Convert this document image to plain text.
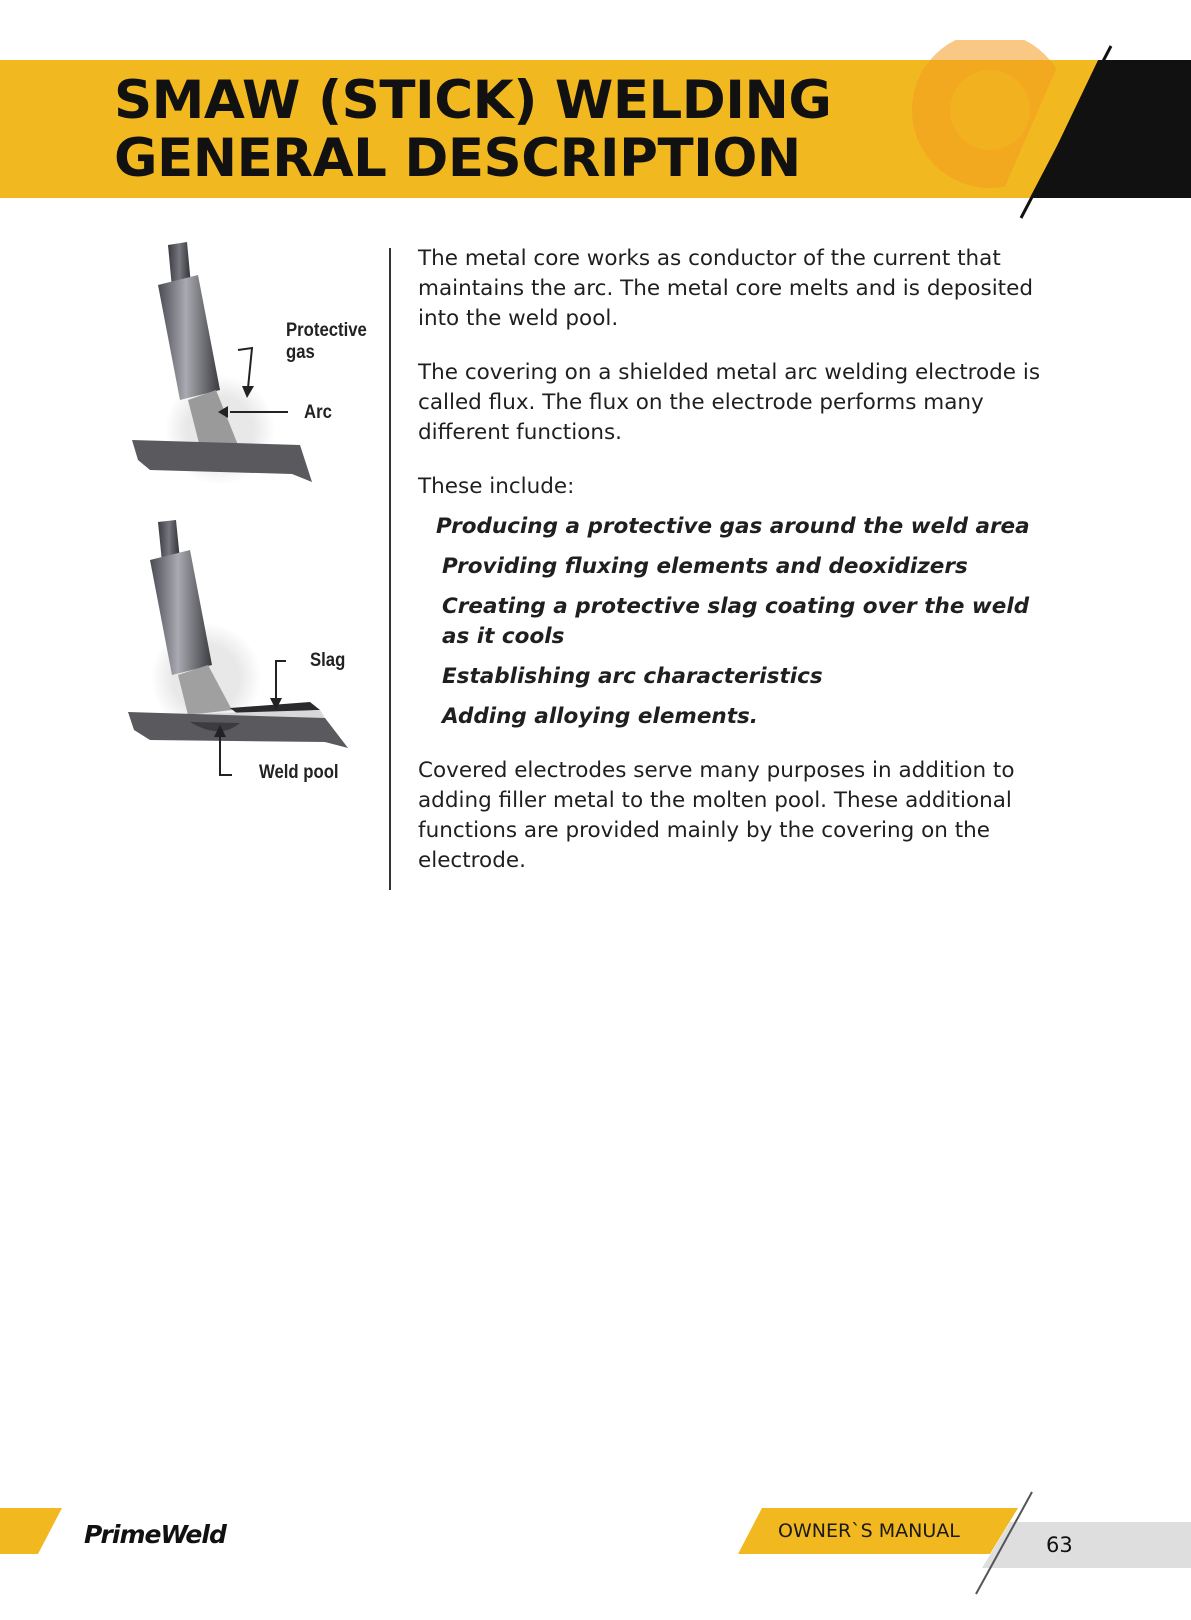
SMAW (STICK) WELDING
GENERAL DESCRIPTION
Protective
gas
Arc
Slag
Weld pool

The metal core works as conductor of the current that maintains the arc. The metal core melts and is deposited into the weld pool.

The covering on a shielded metal arc welding electrode is called flux. The flux on the electrode performs many different functions.

These include:

Producing a protective gas around the weld area
Providing fluxing elements and deoxidizers
Creating a protective slag coating over the weld as it cools
Establishing arc characteristics
Adding alloying elements.

Covered electrodes serve many purposes in addition to adding filler metal to the molten pool. These additional functions are provided mainly by the covering on the electrode.

PrimeWeld	OWNER`S MANUAL
63
